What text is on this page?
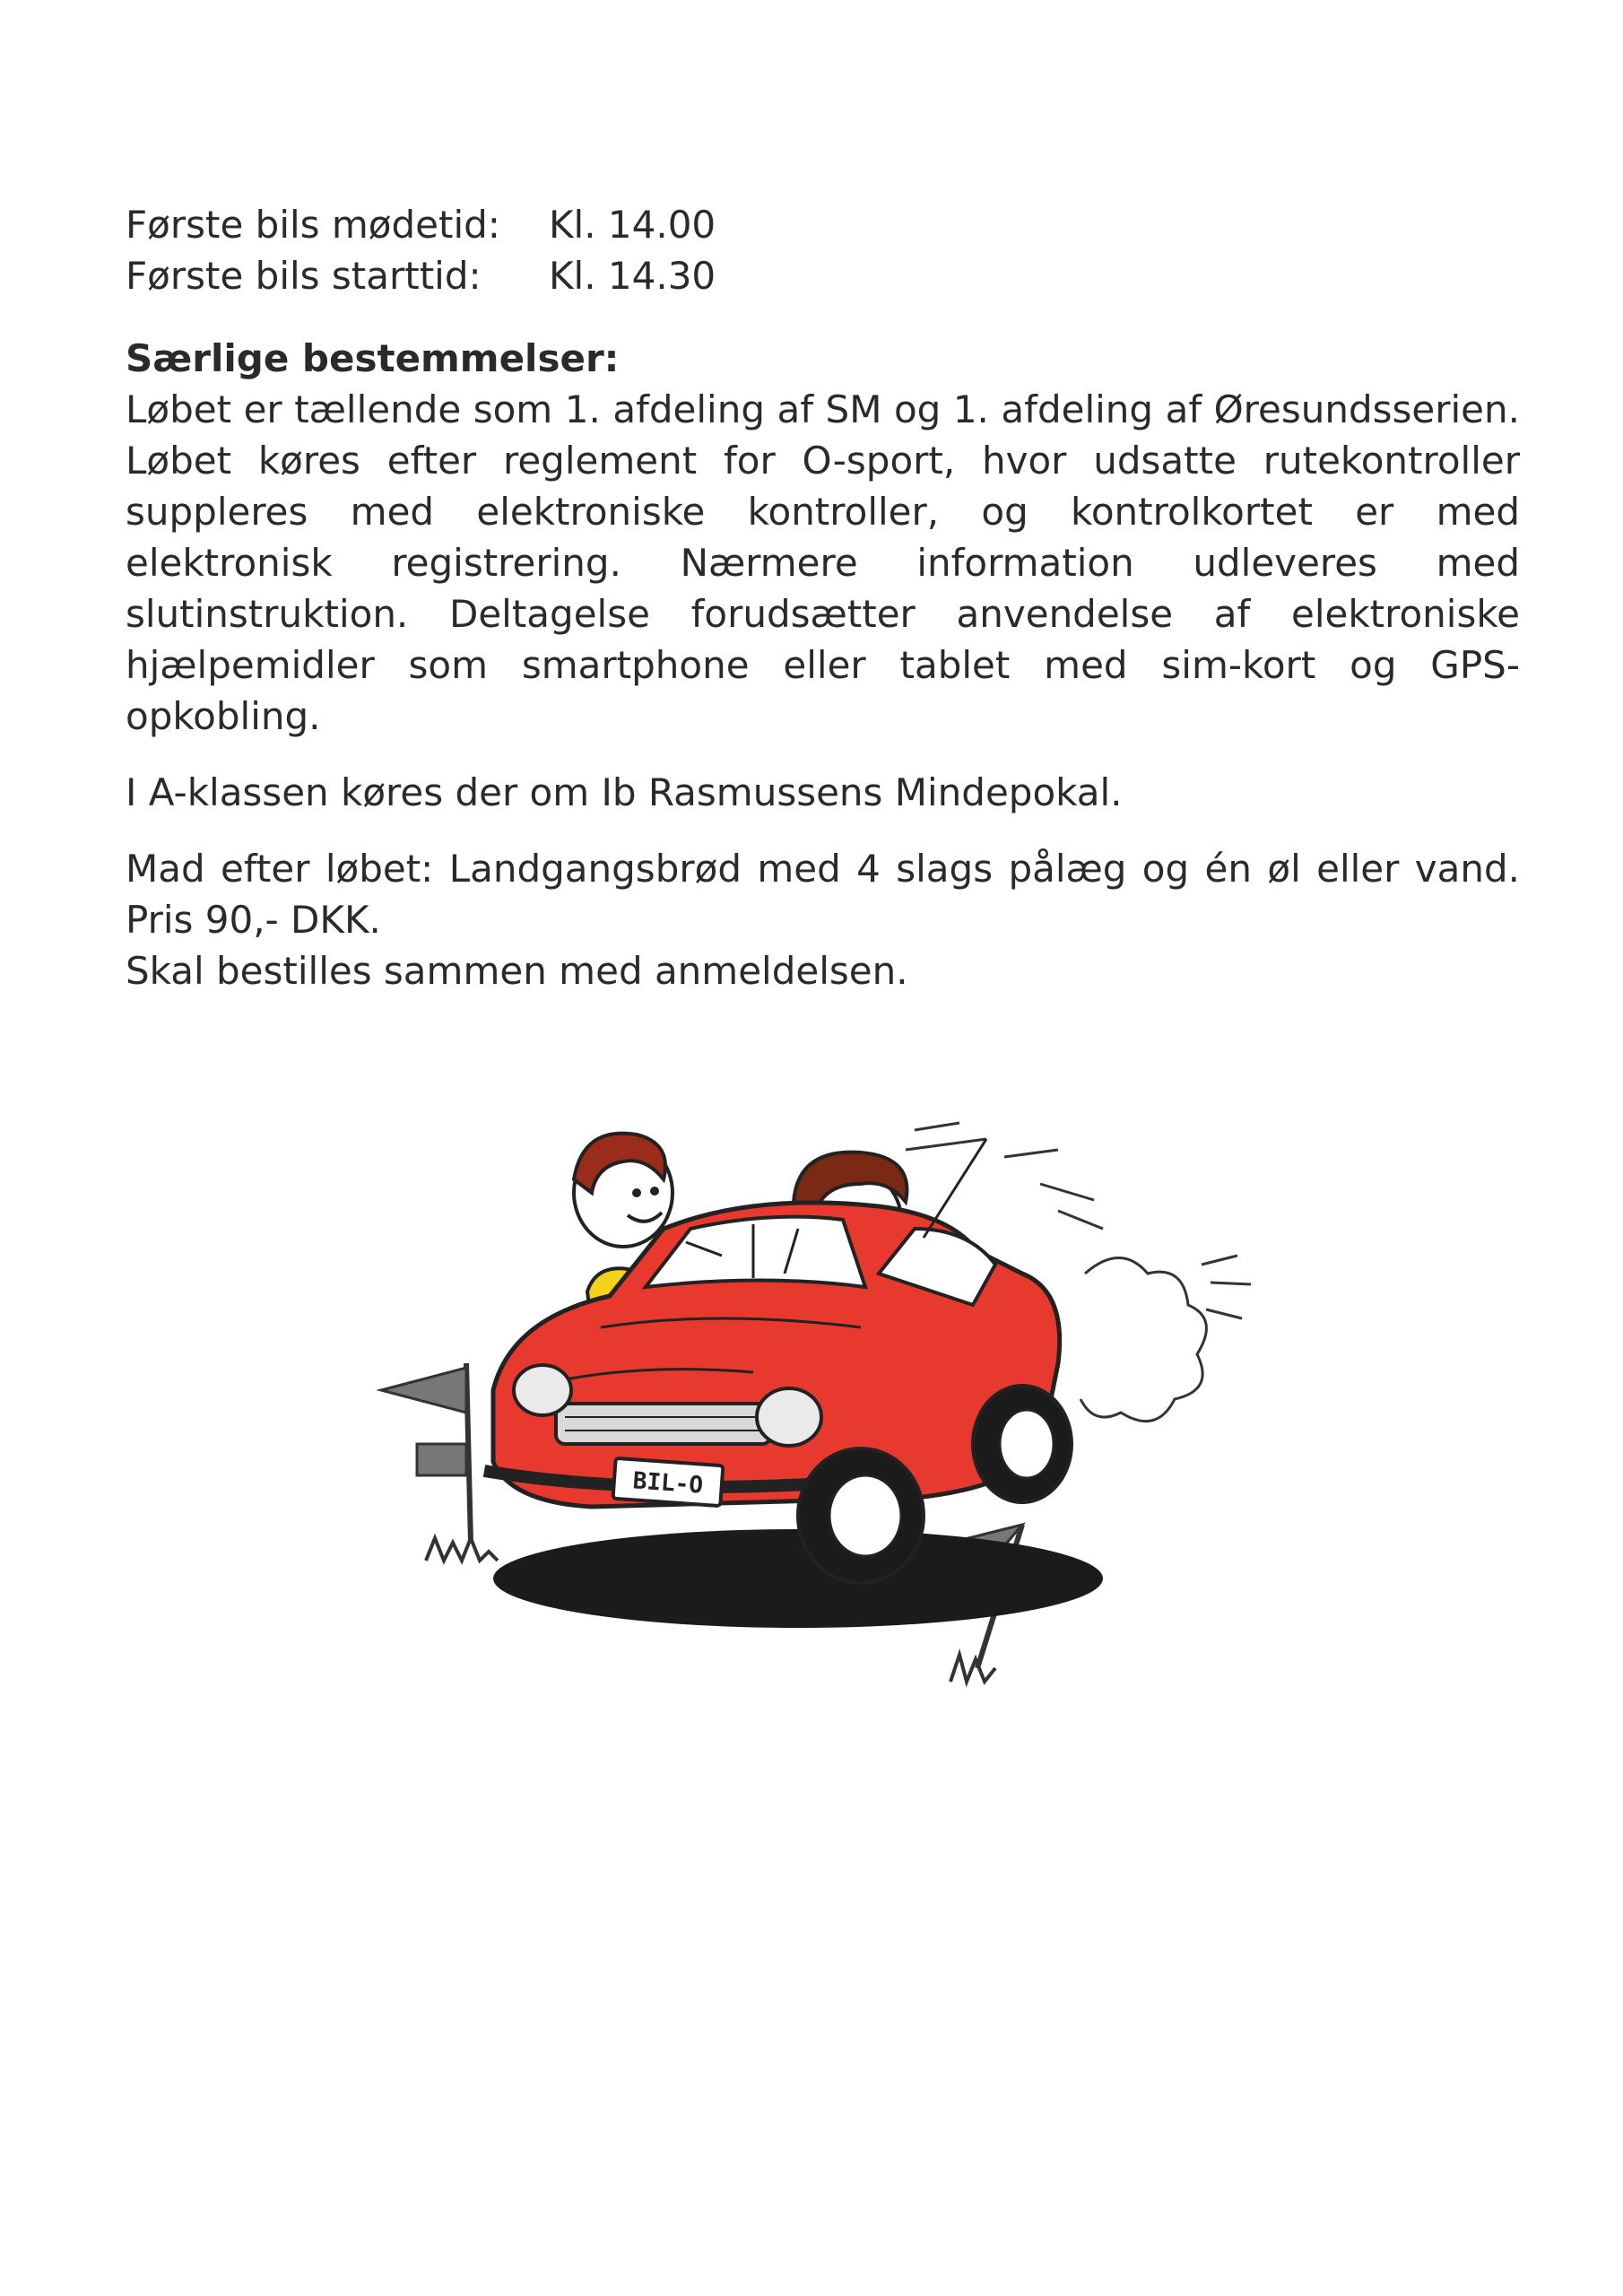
Første bils mødetid:	Kl. 14.00
Første bils starttid:	Kl. 14.30

Særlige bestemmelser:

Løbet er tællende som 1. afdeling af SM og 1. afdeling af Øresundsserien. Løbet køres efter reglement for O-sport, hvor udsatte rutekontroller suppleres med elektroniske kontroller, og kontrolkortet er med elektronisk registrering. Nærmere information udleveres med slutinstruktion. Deltagelse forudsætter anvendelse af elektroniske hjælpemidler som smartphone eller tablet med sim-kort og GPS-opkobling.

I A-klassen køres der om Ib Rasmussens Mindepokal.

Mad efter løbet: Landgangsbrød med 4 slags pålæg og én øl eller vand.
Pris 90,- DKK.
Skal bestilles sammen med anmeldelsen.
BIL-O
